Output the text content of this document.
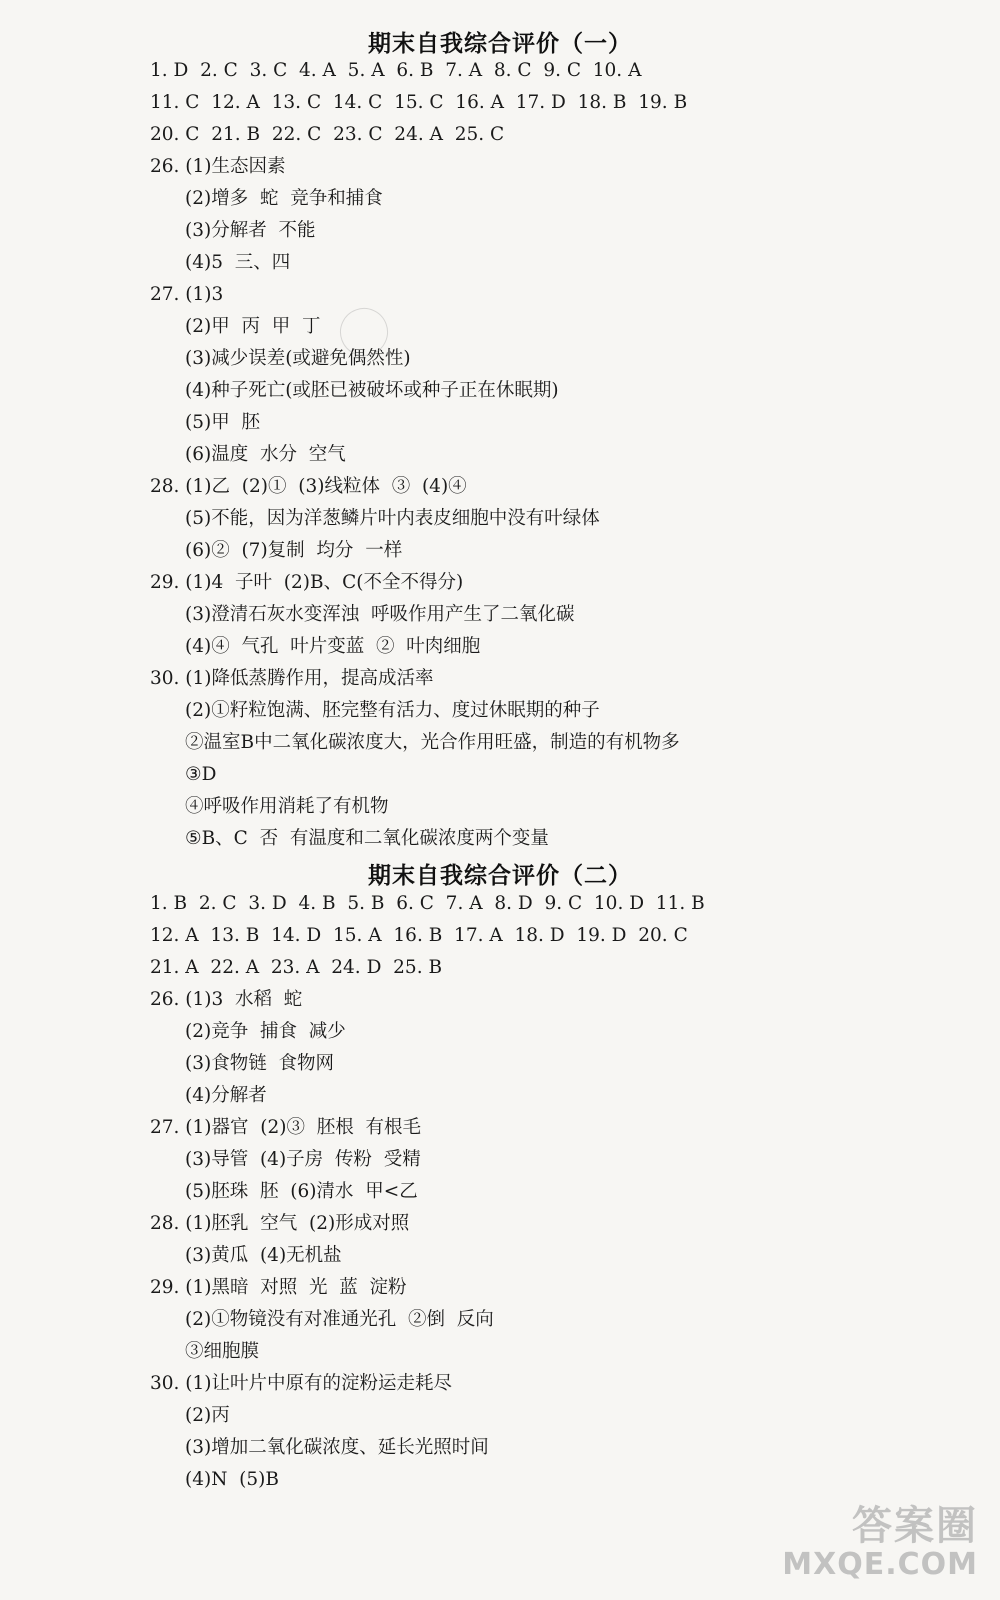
期末自我综合评价（一）
1. D  2. C  3. C  4. A  5. A  6. B  7. A  8. C  9. C  10. A
11. C  12. A  13. C  14. C  15. C  16. A  17. D  18. B  19. B
20. C  21. B  22. C  23. C  24. A  25. C
26. (1)生态因素
(2)增多  蛇  竞争和捕食
(3)分解者  不能
(4)5  三、四
27. (1)3
(2)甲  丙  甲  丁
(3)减少误差(或避免偶然性)
(4)种子死亡(或胚已被破坏或种子正在休眠期)
(5)甲  胚
(6)温度  水分  空气
28. (1)乙  (2)①  (3)线粒体  ③  (4)④
(5)不能，因为洋葱鳞片叶内表皮细胞中没有叶绿体
(6)②  (7)复制  均分  一样
29. (1)4  子叶  (2)B、C(不全不得分)
(3)澄清石灰水变浑浊  呼吸作用产生了二氧化碳
(4)④  气孔  叶片变蓝  ②  叶肉细胞
30. (1)降低蒸腾作用，提高成活率
(2)①籽粒饱满、胚完整有活力、度过休眠期的种子
②温室B中二氧化碳浓度大，光合作用旺盛，制造的有机物多
③D
④呼吸作用消耗了有机物
⑤B、C  否  有温度和二氧化碳浓度两个变量
期末自我综合评价（二）
1. B  2. C  3. D  4. B  5. B  6. C  7. A  8. D  9. C  10. D  11. B
12. A  13. B  14. D  15. A  16. B  17. A  18. D  19. D  20. C
21. A  22. A  23. A  24. D  25. B
26. (1)3  水稻  蛇
(2)竞争  捕食  减少
(3)食物链  食物网
(4)分解者
27. (1)器官  (2)③  胚根  有根毛
(3)导管  (4)子房  传粉  受精
(5)胚珠  胚  (6)清水  甲<乙
28. (1)胚乳  空气  (2)形成对照
(3)黄瓜  (4)无机盐
29. (1)黑暗  对照  光  蓝  淀粉
(2)①物镜没有对准通光孔  ②倒  反向
③细胞膜
30. (1)让叶片中原有的淀粉运走耗尽
(2)丙
(3)增加二氧化碳浓度、延长光照时间
(4)N  (5)B
答案圈
MXQE.COM
